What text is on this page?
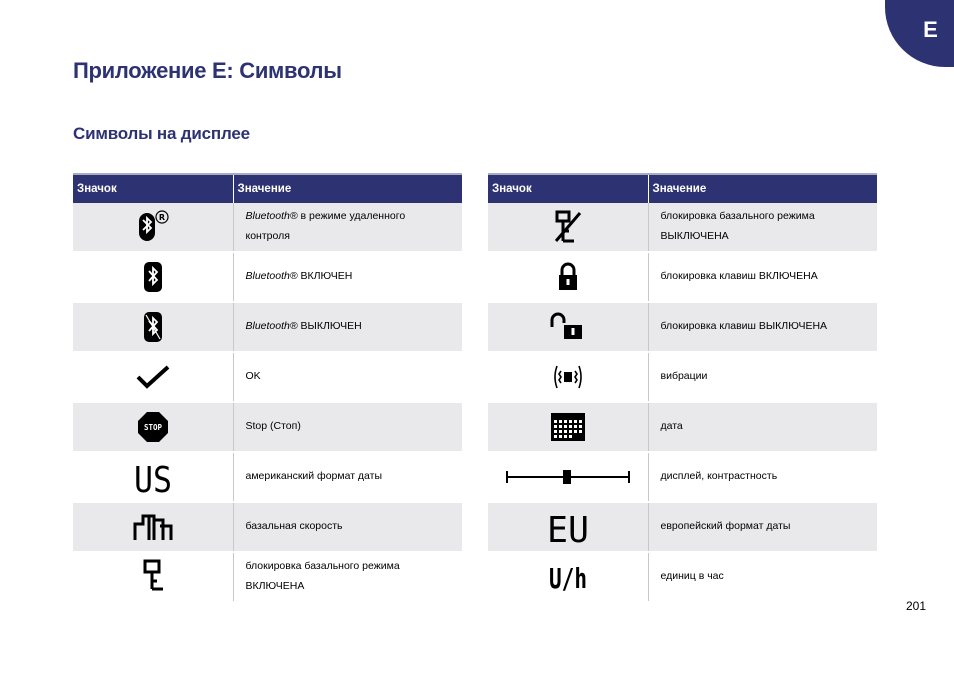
E
Приложение E: Символы
Символы на дисплее
Значок	Значение

R	Bluetooth® в режиме удаленного контроля

	Bluetooth® ВКЛЮЧЕН

	Bluetooth® ВЫКЛЮЧЕН

	OK

STOP	Stop (Стоп)

US	американский формат даты

	базальная скорость

	блокировка базального режима ВКЛЮЧЕНА
Значок	Значение

	блокировка базального режима ВЫКЛЮЧЕНА

	блокировка клавиш ВКЛЮЧЕНА

	блокировка клавиш ВЫКЛЮЧЕНА

	вибрации

	дата

	дисплей, контрастность

EU	европейский формат даты

U/h	единиц в час
201
